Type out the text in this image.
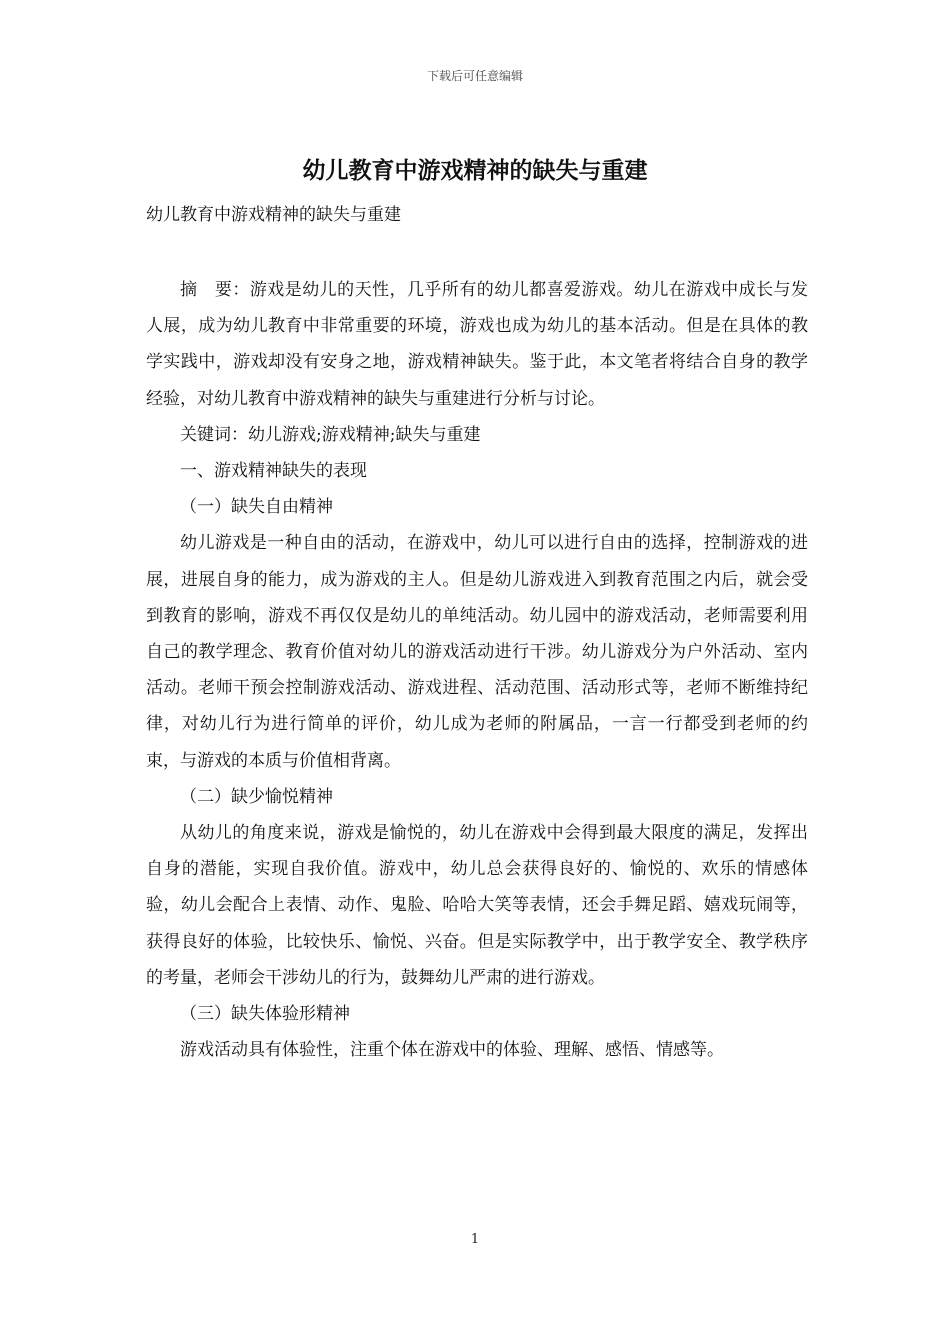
下载后可任意编辑
幼儿教育中游戏精神的缺失与重建

幼儿教育中游戏精神的缺失与重建

摘　要：游戏是幼儿的天性，几乎所有的幼儿都喜爱游戏。幼儿在游戏中成长与发人展，成为幼儿教育中非常重要的环境，游戏也成为幼儿的基本活动。但是在具体的教学实践中，游戏却没有安身之地，游戏精神缺失。鉴于此，本文笔者将结合自身的教学经验，对幼儿教育中游戏精神的缺失与重建进行分析与讨论。

关键词：幼儿游戏;游戏精神;缺失与重建

一、游戏精神缺失的表现

（一）缺失自由精神

幼儿游戏是一种自由的活动，在游戏中，幼儿可以进行自由的选择，控制游戏的进展，进展自身的能力，成为游戏的主人。但是幼儿游戏进入到教育范围之内后，就会受到教育的影响，游戏不再仅仅是幼儿的单纯活动。幼儿园中的游戏活动，老师需要利用自己的教学理念、教育价值对幼儿的游戏活动进行干涉。幼儿游戏分为户外活动、室内活动。老师干预会控制游戏活动、游戏进程、活动范围、活动形式等，老师不断维持纪律，对幼儿行为进行简单的评价，幼儿成为老师的附属品，一言一行都受到老师的约束，与游戏的本质与价值相背离。

（二）缺少愉悦精神

从幼儿的角度来说，游戏是愉悦的，幼儿在游戏中会得到最大限度的满足，发挥出自身的潜能，实现自我价值。游戏中，幼儿总会获得良好的、愉悦的、欢乐的情感体验，幼儿会配合上表情、动作、鬼脸、哈哈大笑等表情，还会手舞足蹈、嬉戏玩闹等，获得良好的体验，比较快乐、愉悦、兴奋。但是实际教学中，出于教学安全、教学秩序的考量，老师会干涉幼儿的行为，鼓舞幼儿严肃的进行游戏。

（三）缺失体验形精神

游戏活动具有体验性，注重个体在游戏中的体验、理解、感悟、情感等。

1
